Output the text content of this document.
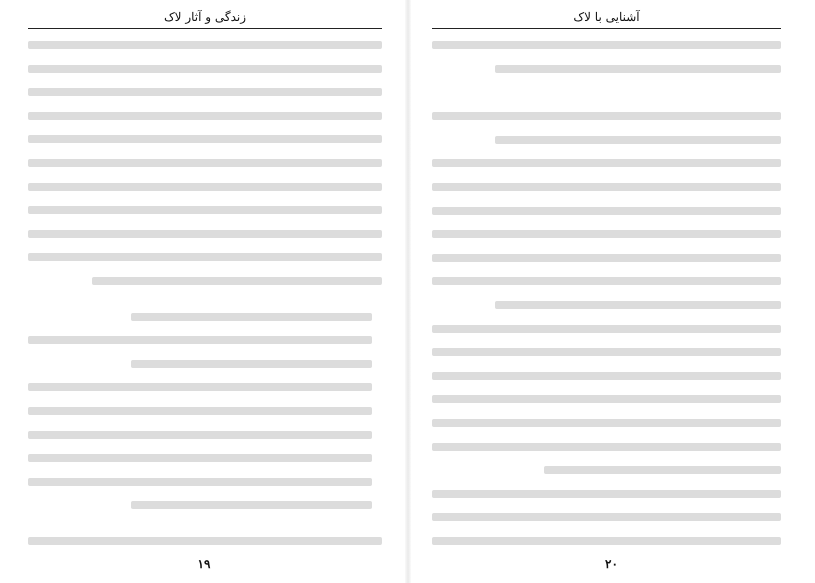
زندگی و آثار لاک
۱۹
آشنایی با لاک
۲۰
